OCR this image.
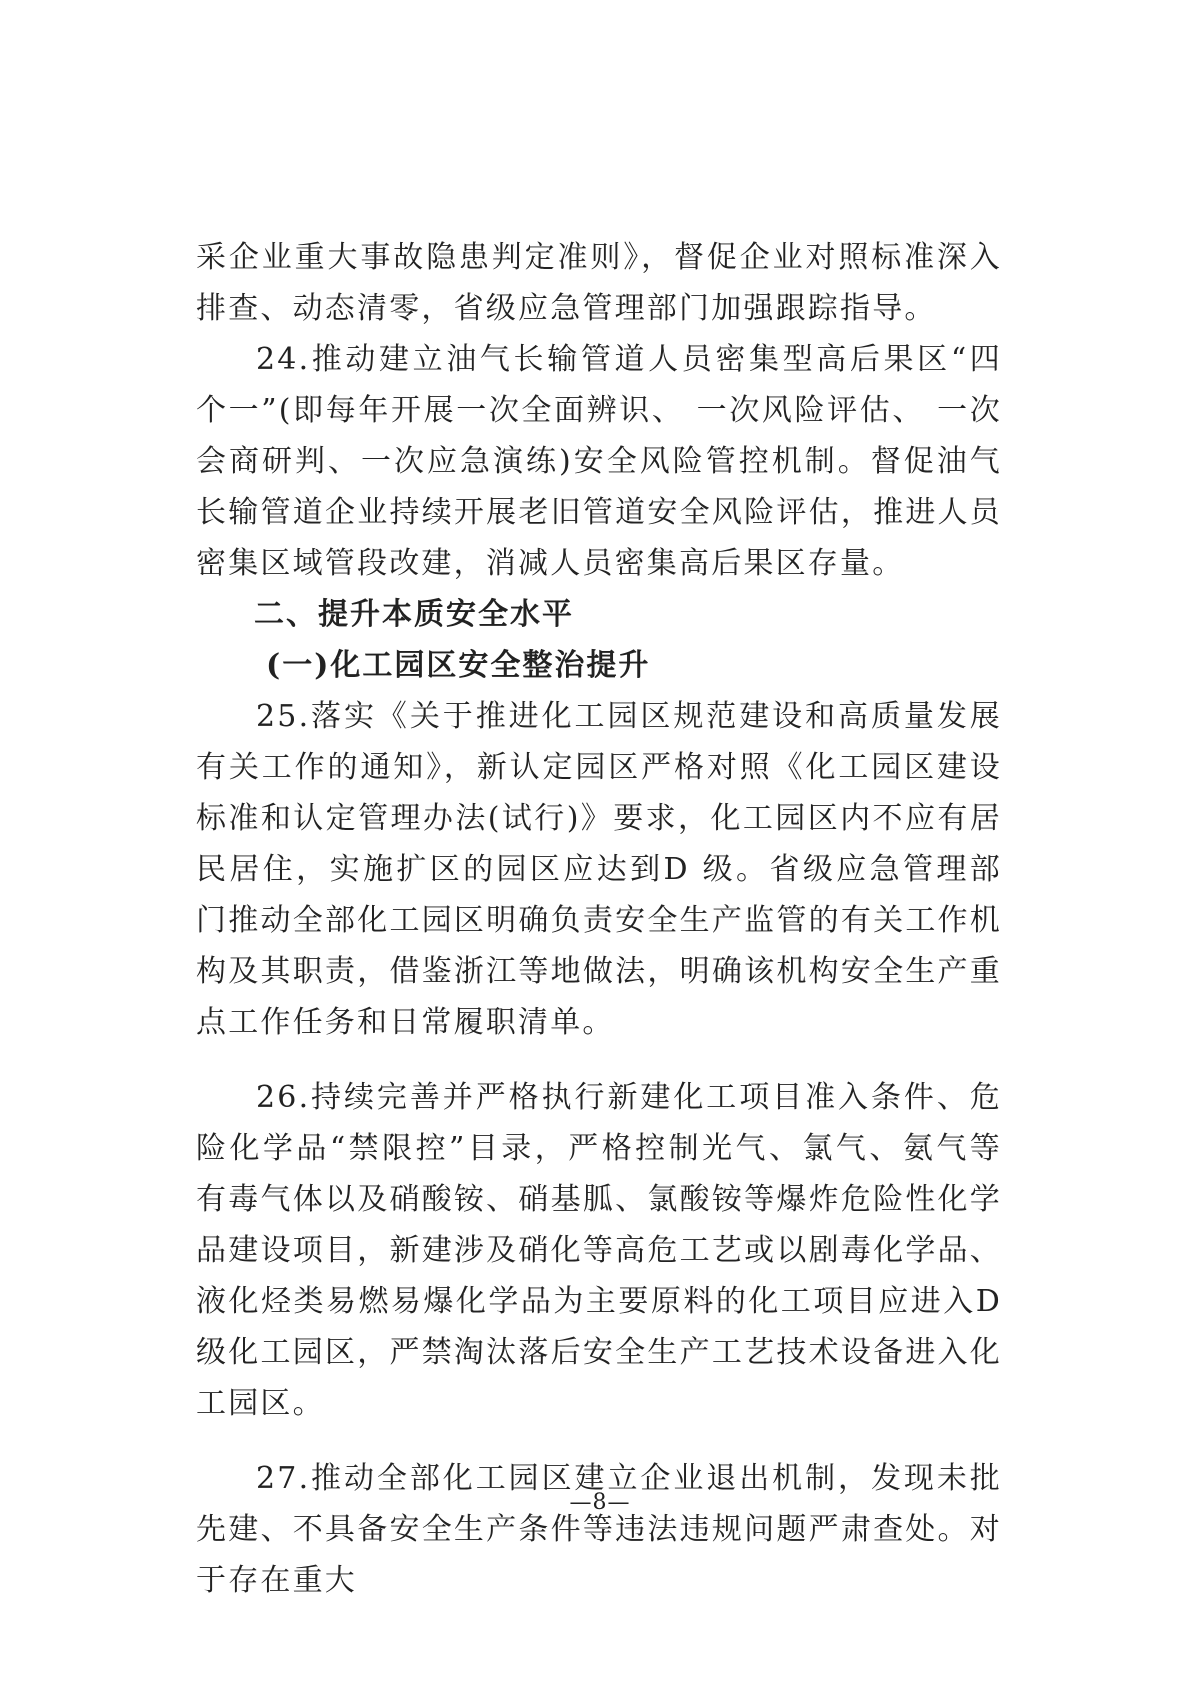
采企业重大事故隐患判定准则》，督促企业对照标准深入排查、动态清零，省级应急管理部门加强跟踪指导。

24.推动建立油气长输管道人员密集型高后果区“四个一”(即每年开展一次全面辨识、 一次风险评估、 一次会商研判、一次应急演练)安全风险管控机制。督促油气长输管道企业持续开展老旧管道安全风险评估，推进人员密集区域管段改建，消减人员密集高后果区存量。

二、提升本质安全水平

(一)化工园区安全整治提升

25.落实《关于推进化工园区规范建设和高质量发展有关工作的通知》，新认定园区严格对照《化工园区建设标准和认定管理办法(试行)》要求，化工园区内不应有居民居住，实施扩区的园区应达到D 级。省级应急管理部门推动全部化工园区明确负责安全生产监管的有关工作机构及其职责，借鉴浙江等地做法，明确该机构安全生产重点工作任务和日常履职清单。

26.持续完善并严格执行新建化工项目准入条件、危险化学品“禁限控”目录，严格控制光气、氯气、氨气等有毒气体以及硝酸铵、硝基胍、氯酸铵等爆炸危险性化学品建设项目，新建涉及硝化等高危工艺或以剧毒化学品、液化烃类易燃易爆化学品为主要原料的化工项目应进入D 级化工园区，严禁淘汰落后安全生产工艺技术设备进入化工园区。

27.推动全部化工园区建立企业退出机制，发现未批先建、不具备安全生产条件等违法违规问题严肃查处。对于存在重大

—8—
